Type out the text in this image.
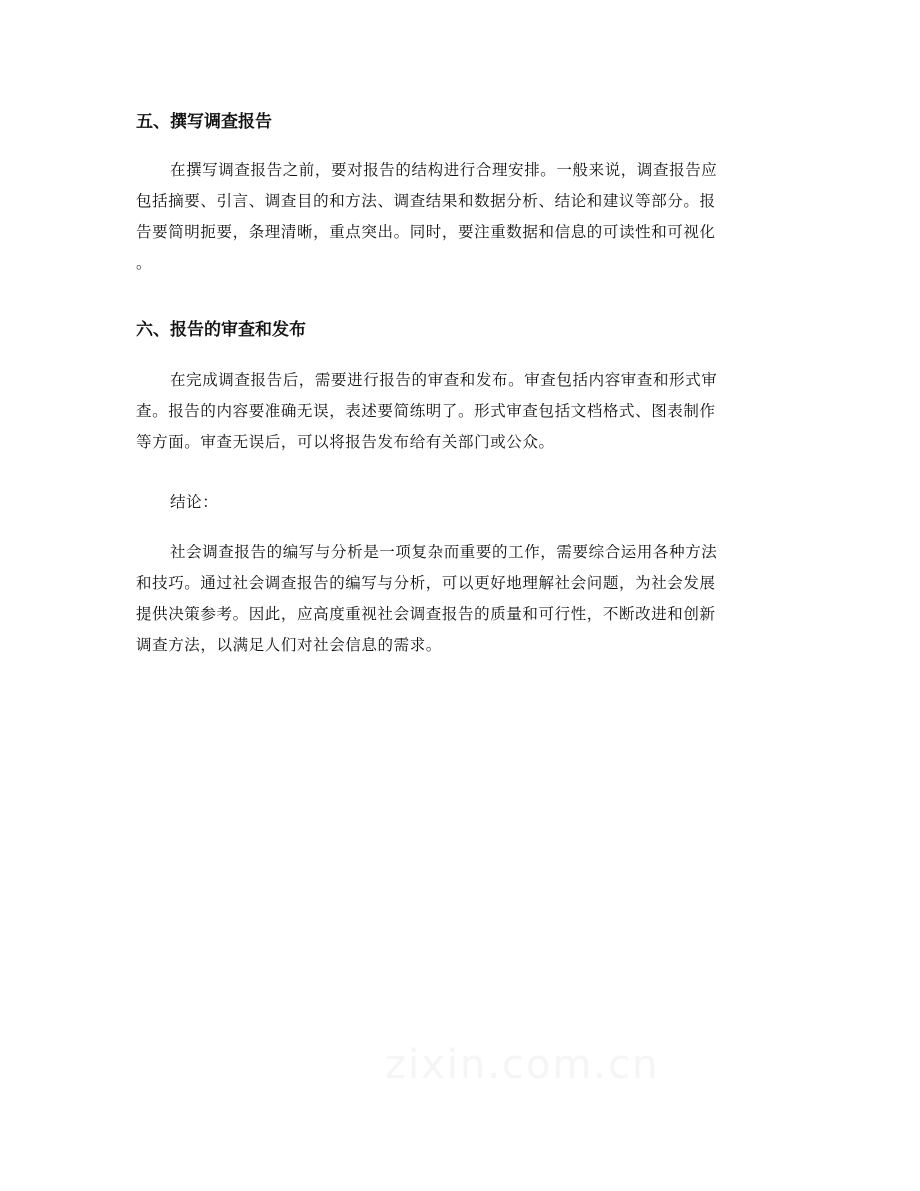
五、撰写调查报告
在撰写调查报告之前，要对报告的结构进行合理安排。一般来说，调查报告应
包括摘要、引言、调查目的和方法、调查结果和数据分析、结论和建议等部分。报
告要简明扼要，条理清晰，重点突出。同时，要注重数据和信息的可读性和可视化
。
六、报告的审查和发布
在完成调查报告后，需要进行报告的审查和发布。审查包括内容审查和形式审
查。报告的内容要准确无误，表述要简练明了。形式审查包括文档格式、图表制作
等方面。审查无误后，可以将报告发布给有关部门或公众。
结论：
社会调查报告的编写与分析是一项复杂而重要的工作，需要综合运用各种方法
和技巧。通过社会调查报告的编写与分析，可以更好地理解社会问题，为社会发展
提供决策参考。因此，应高度重视社会调查报告的质量和可行性，不断改进和创新
调查方法，以满足人们对社会信息的需求。
zixin.com.cn
